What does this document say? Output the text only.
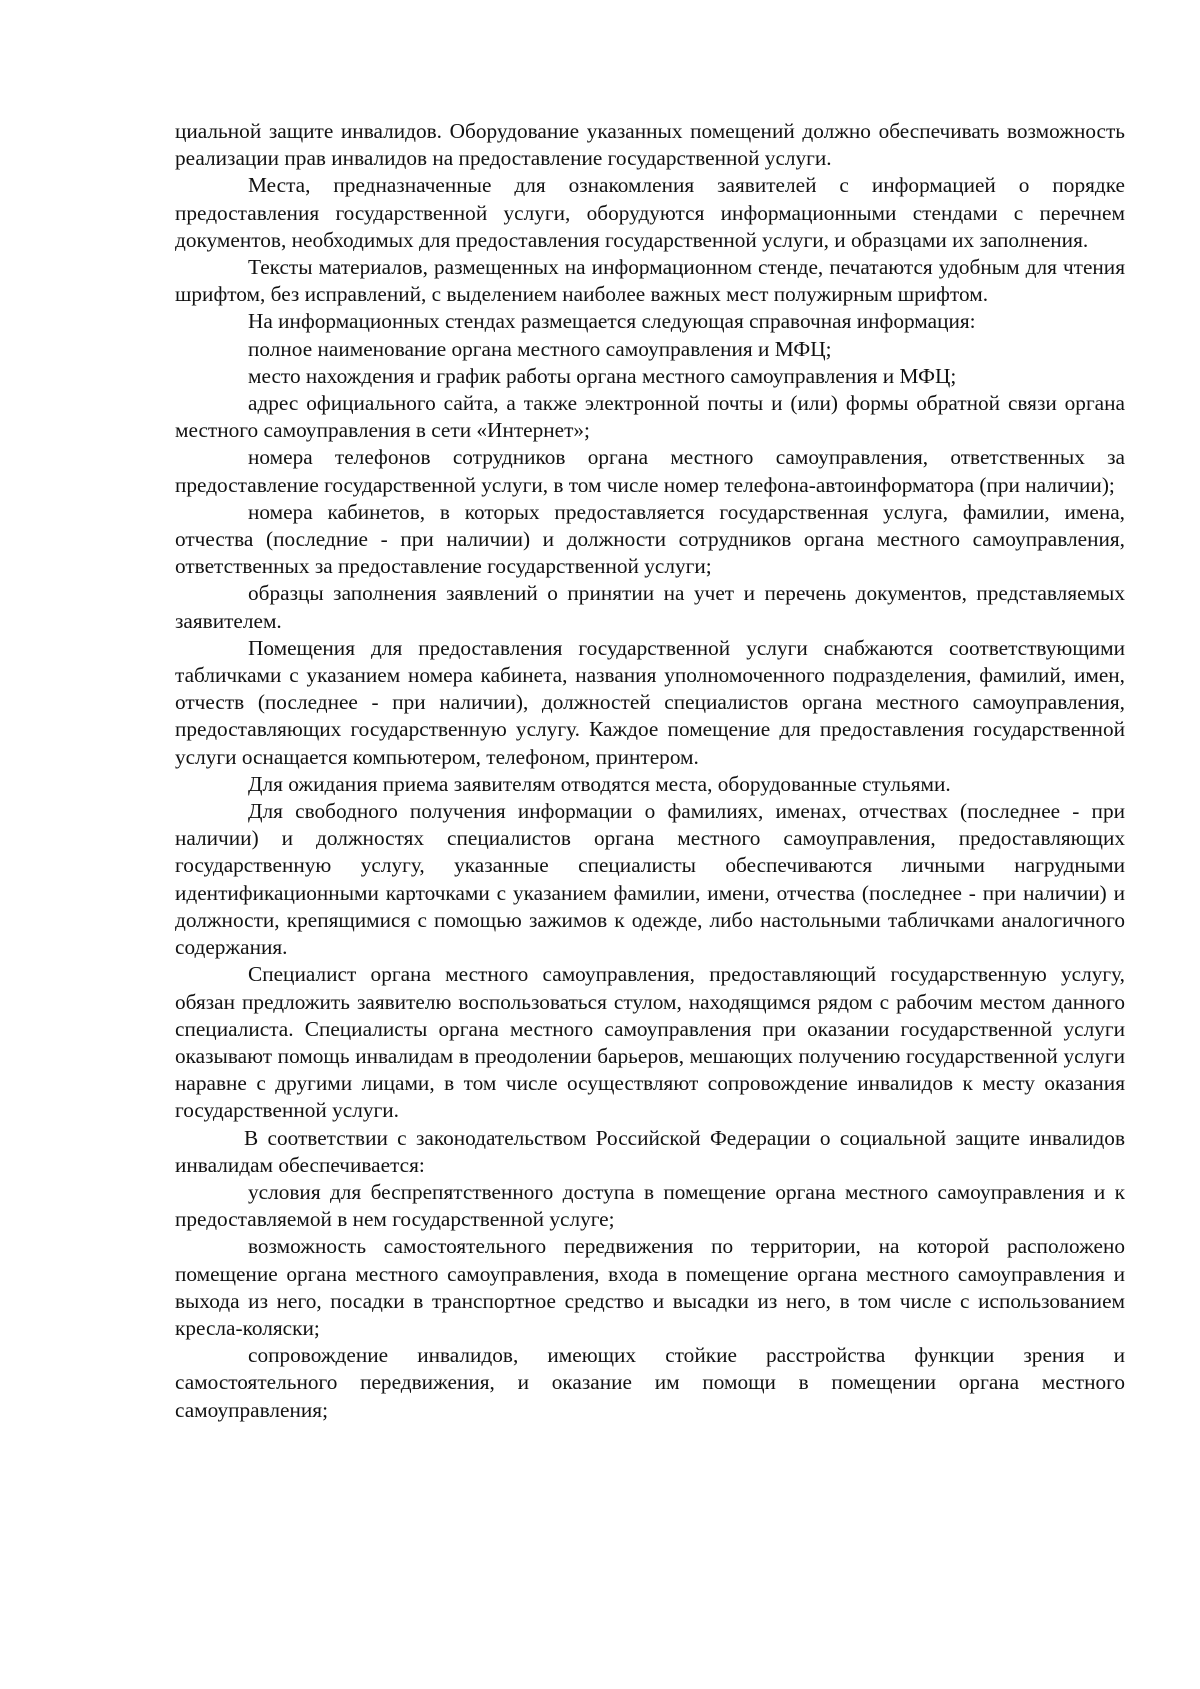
циальной защите инвалидов. Оборудование указанных помещений должно обеспечивать возможность реализации прав инвалидов на предоставление государственной услуги.

Места, предназначенные для ознакомления заявителей с информацией о порядке предоставления государственной услуги, оборудуются информационными стендами с перечнем документов, необходимых для предоставления государственной услуги, и образцами их заполнения.

Тексты материалов, размещенных на информационном стенде, печатаются удобным для чтения шрифтом, без исправлений, с выделением наиболее важных мест полужирным шрифтом.

На информационных стендах размещается следующая справочная информация:

полное наименование органа местного самоуправления и МФЦ;

место нахождения и график работы органа местного самоуправления и МФЦ;

адрес официального сайта, а также электронной почты и (или) формы обратной связи органа местного самоуправления в сети «Интернет»;

номера телефонов сотрудников органа местного самоуправления, ответственных за предоставление государственной услуги, в том числе номер телефона-автоинформатора (при наличии);

номера кабинетов, в которых предоставляется государственная услуга, фамилии, имена, отчества (последние - при наличии) и должности сотрудников органа местного самоуправления, ответственных за предоставление государственной услуги;

образцы заполнения заявлений о принятии на учет и перечень документов, представляемых заявителем.

Помещения для предоставления государственной услуги снабжаются соответствующими табличками с указанием номера кабинета, названия уполномоченного подразделения, фамилий, имен, отчеств (последнее - при наличии), должностей специалистов органа местного самоуправления, предоставляющих государственную услугу. Каждое помещение для предоставления государственной услуги оснащается компьютером, телефоном, принтером.

Для ожидания приема заявителям отводятся места, оборудованные стульями.

Для свободного получения информации о фамилиях, именах, отчествах (последнее - при наличии) и должностях специалистов органа местного самоуправления, предоставляющих государственную услугу, указанные специалисты обеспечиваются личными нагрудными идентификационными карточками с указанием фамилии, имени, отчества (последнее - при наличии) и должности, крепящимися с помощью зажимов к одежде, либо настольными табличками аналогичного содержания.

Специалист органа местного самоуправления, предоставляющий государственную услугу, обязан предложить заявителю воспользоваться стулом, находящимся рядом с рабочим местом данного специалиста. Специалисты органа местного самоуправления при оказании государственной услуги оказывают помощь инвалидам в преодолении барьеров, мешающих получению государственной услуги наравне с другими лицами, в том числе осуществляют сопровождение инвалидов к месту оказания государственной услуги.

В соответствии с законодательством Российской Федерации о социальной защите инвалидов инвалидам обеспечивается:

условия для беспрепятственного доступа в помещение органа местного самоуправления и к предоставляемой в нем государственной услуге;

возможность самостоятельного передвижения по территории, на которой расположено помещение органа местного самоуправления, входа в помещение органа местного самоуправления и выхода из него, посадки в транспортное средство и высадки из него, в том числе с использованием кресла-коляски;

сопровождение инвалидов, имеющих стойкие расстройства функции зрения и самостоятельного передвижения, и оказание им помощи в помещении органа местного самоуправления;
